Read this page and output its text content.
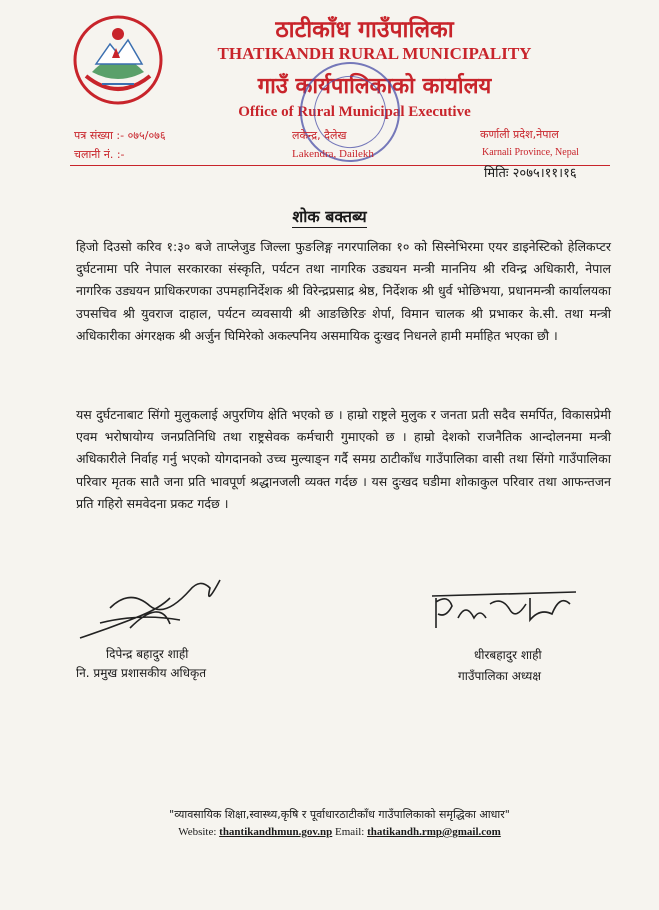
ठाटीकाँध गाउँपालिका
THATIKANDH RURAL MUNICIPALITY
गाउँ कार्यपालिकाको कार्यालय
Office of Rural Municipal Executive
पत्र संख्या :- ०७५/०७६
चलानी नं. :-
लकेन्द्र, दैलेख
Lakendra, Dailekh
कर्णाली प्रदेश,नेपाल
Karnali Province, Nepal
मितिः २०७५।११।१६
शोक बक्तब्य
हिजो दिउसो करिव १:३० बजे ताप्लेजुड जिल्ला फुङलिङ्ग नगरपालिका १० को सिस्नेभिरमा एयर डाइनेस्टिको हेलिकप्टर दुर्घटनामा परि नेपाल सरकारका संस्कृति, पर्यटन तथा नागरिक उड्ययन मन्त्री माननिय श्री रविन्द्र अधिकारी, नेपाल नागरिक उड्ययन प्राधिकरणका उपमहानिर्देशक श्री विरेन्द्रप्रसाद्र श्रेष्ठ, निर्देशक श्री धुर्व भोछिभया, प्रधानमन्त्री कार्यालयका उपसचिव श्री युवराज दाहाल, पर्यटन व्यवसायी श्री आङछिरिङ शेर्पा, विमान चालक श्री प्रभाकर के.सी. तथा मन्त्री अधिकारीका अंगरक्षक श्री अर्जुन घिमिरेको अकल्पनिय असमायिक दुःखद निधनले हामी मर्माहित भएका छौ ।
यस दुर्घटनाबाट सिंगो मुलुकलाई अपुरणिय क्षेति भएको छ । हाम्रो राष्ट्रले मुलुक र जनता प्रती सदैव समर्पित, विकासप्रेमी एवम भरोषायोग्य जनप्रतिनिधि तथा राष्ट्रसेवक कर्मचारी गुमाएको छ । हाम्रो देशको राजनैतिक आन्दोलनमा मन्त्री अधिकारीले निर्वाह गर्नु भएको योगदानको उच्च मुल्याङ्न गर्दै समग्र ठाटीकाँध गाउँपालिका वासी तथा सिंगो गाउँपालिका परिवार मृतक सातै जना प्रति भावपूर्ण श्रद्धानजली व्यक्त गर्दछ । यस दुःखद घडीमा शोकाकुल परिवार तथा आफन्तजन प्रति गहिरो समवेदना प्रकट गर्दछ ।
दिपेन्द्र बहादुर शाही
नि. प्रमुख प्रशासकीय अधिकृत
धीरबहादुर शाही
गाउँपालिका अध्यक्ष
"व्यावसायिक शिक्षा,स्वास्थ्य,कृषि र पूर्वाधारठाटीकाँध गाउँपालिकाको समृद्धिका आधार"
Website: thantikandhmun.gov.np Email: thatikandh.rmp@gmail.com
